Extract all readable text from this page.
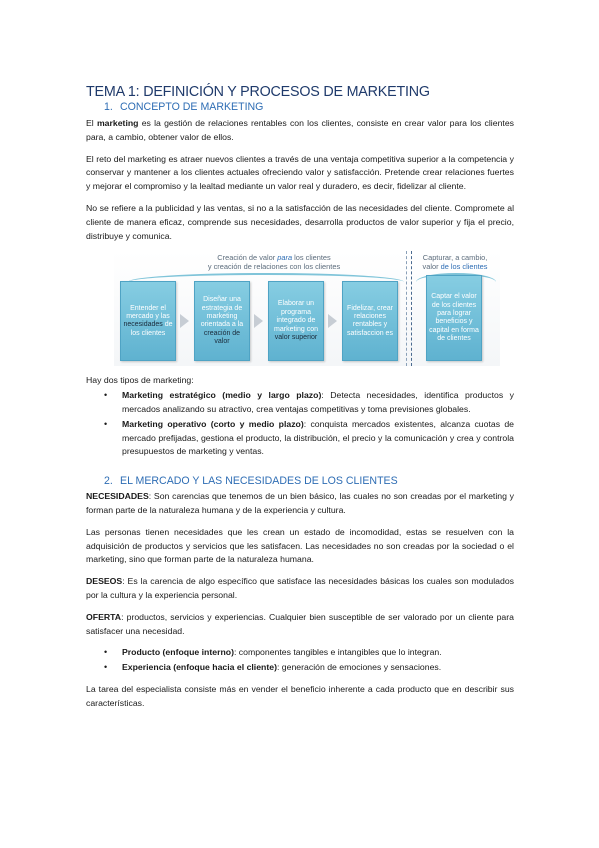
TEMA 1: DEFINICIÓN Y PROCESOS DE MARKETING
1. CONCEPTO DE MARKETING

El marketing es la gestión de relaciones rentables con los clientes, consiste en crear valor para los clientes para, a cambio, obtener valor de ellos.

El reto del marketing es atraer nuevos clientes a través de una ventaja competitiva superior a la competencia y conservar y mantener a los clientes actuales ofreciendo valor y satisfacción. Pretende crear relaciones fuertes y mejorar el compromiso y la lealtad mediante un valor real y duradero, es decir, fidelizar al cliente.

No se refiere a la publicidad y las ventas, si no a la satisfacción de las necesidades del cliente. Compromete al cliente de manera eficaz, comprende sus necesidades, desarrolla productos de valor superior y fija el precio, distribuye y comunica.

Creación de valor para los clientes
y creación de relaciones con los clientes
Capturar, a cambio,
valor de los clientes
Entender el mercado y las necesidades de los clientes
Diseñar una estrategia de marketing orientada a la creación de valor
Elaborar un programa integrado de marketing con valor superior
Fidelizar, crear relaciones rentables y satisfaccion es
Captar el valor de los clientes para lograr beneficios y capital en forma de clientes

Hay dos tipos de marketing:

• Marketing estratégico (medio y largo plazo): Detecta necesidades, identifica productos y mercados analizando su atractivo, crea ventajas competitivas y toma previsiones globales.
• Marketing operativo (corto y medio plazo): conquista mercados existentes, alcanza cuotas de mercado prefijadas, gestiona el producto, la distribución, el precio y la comunicación y crea y controla presupuestos de marketing y ventas.
2. EL MERCADO Y LAS NECESIDADES DE LOS CLIENTES

NECESIDADES: Son carencias que tenemos de un bien básico, las cuales no son creadas por el marketing y forman parte de la naturaleza humana y de la experiencia y cultura.

Las personas tienen necesidades que les crean un estado de incomodidad, estas se resuelven con la adquisición de productos y servicios que les satisfacen. Las necesidades no son creadas por la sociedad o el marketing, sino que forman parte de la naturaleza humana.

DESEOS: Es la carencia de algo específico que satisface las necesidades básicas los cuales son modulados por la cultura y la experiencia personal.

OFERTA: productos, servicios y experiencias. Cualquier bien susceptible de ser valorado por un cliente para satisfacer una necesidad.

• Producto (enfoque interno): componentes tangibles e intangibles que lo integran.
• Experiencia (enfoque hacia el cliente): generación de emociones y sensaciones.

La tarea del especialista consiste más en vender el beneficio inherente a cada producto que en describir sus características.
